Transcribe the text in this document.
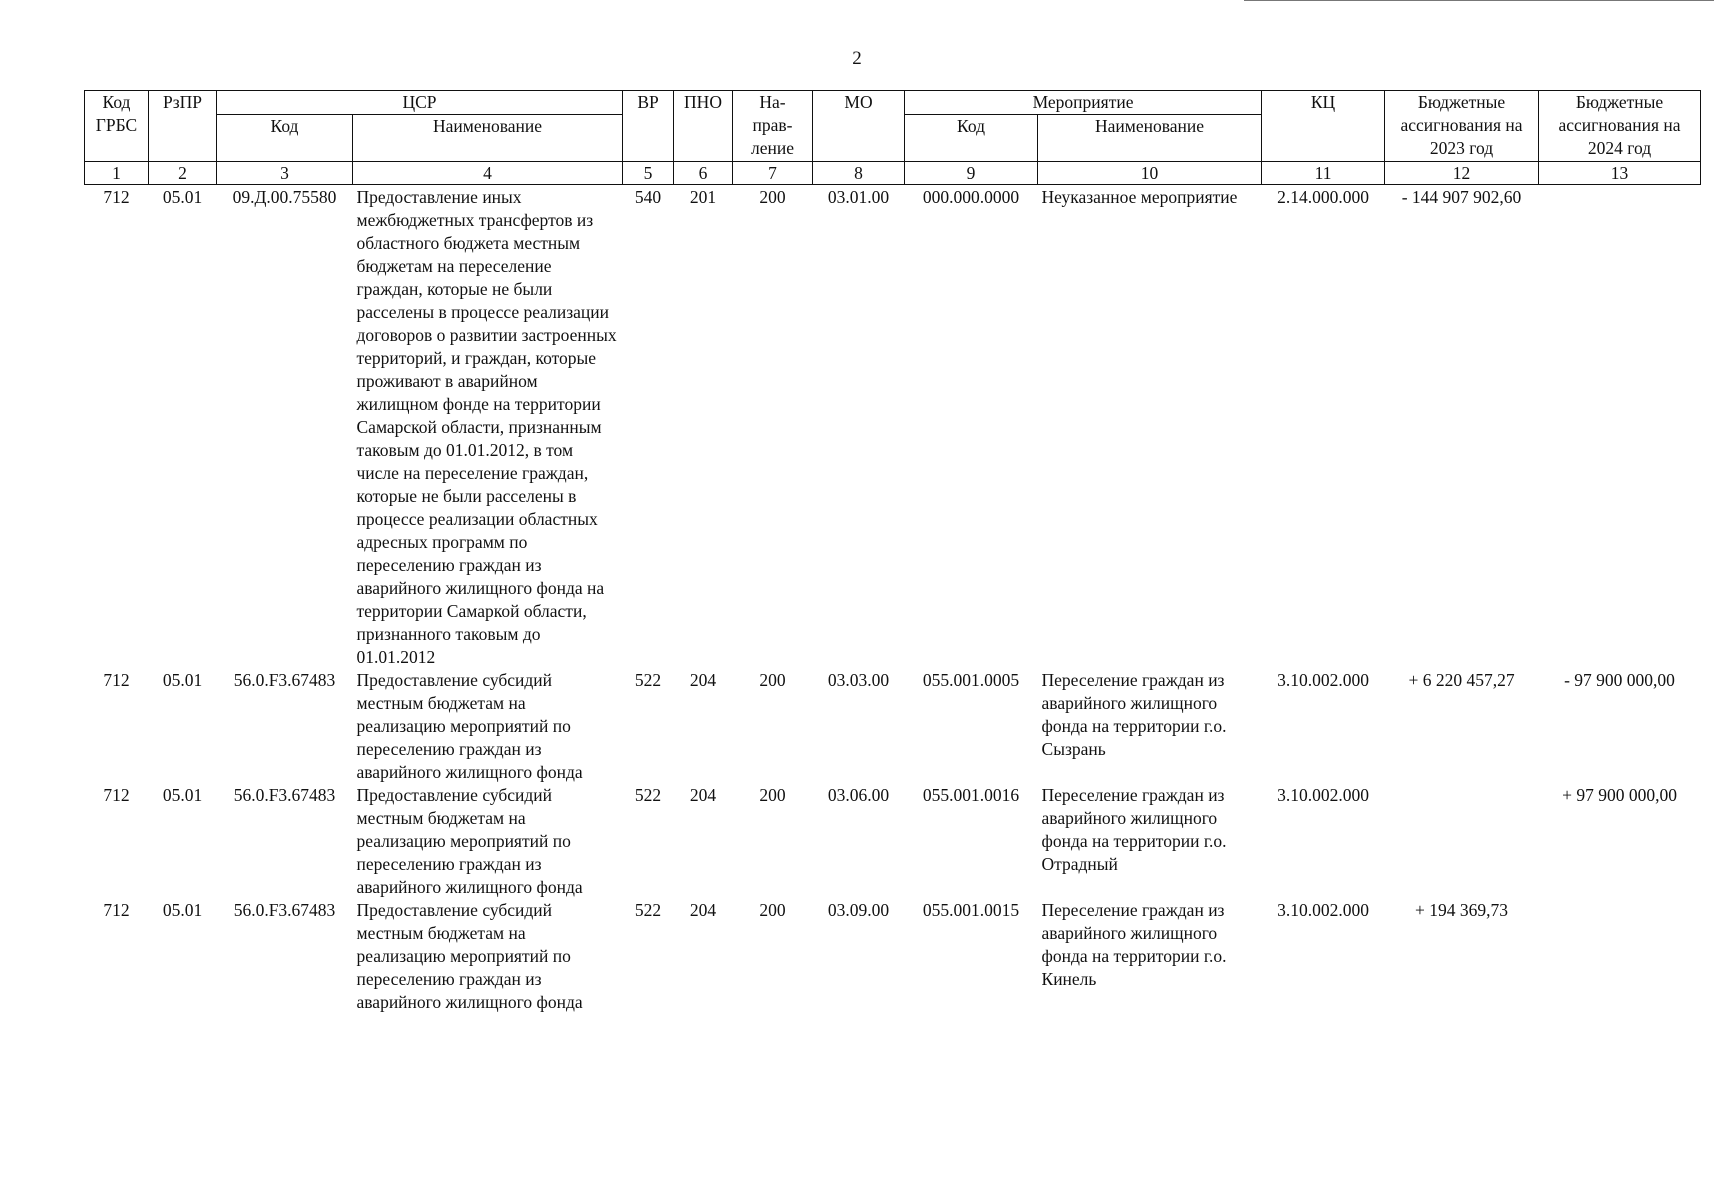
2
Код ГРБС	РзПР	ЦСР		ВР	ПНО	На-прав-ление	МО	Мероприятие		КЦ	Бюджетные ассигнования на 2023 год	Бюджетные ассигнования на 2024 год
		Код	Наименование					Код	Наименование			
1	2	3	4	5	6	7	8	9	10	11	12	13
712	05.01	09.Д.00.75580	Предоставление иных межбюджетных трансфертов из областного бюджета местным бюджетам на переселение граждан, которые не были расселены в процессе реализации договоров о развитии застроенных территорий, и граждан, которые проживают в аварийном жилищном фонде на территории Самарской области, признанным таковым до 01.01.2012, в том числе на переселение граждан, которые не были расселены в процессе реализации областных адресных программ по переселению граждан из аварийного жилищного фонда на территории Самаркой области, признанного таковым до 01.01.2012	540	201	200	03.01.00	000.000.0000	Неуказанное мероприятие	2.14.000.000	- 144 907 902,60	
712	05.01	56.0.F3.67483	Предоставление субсидий местным бюджетам на реализацию мероприятий по переселению граждан из аварийного жилищного фонда	522	204	200	03.03.00	055.001.0005	Переселение граждан из аварийного жилищного фонда на территории г.о. Сызрань	3.10.002.000	+ 6 220 457,27	- 97 900 000,00
712	05.01	56.0.F3.67483	Предоставление субсидий местным бюджетам на реализацию мероприятий по переселению граждан из аварийного жилищного фонда	522	204	200	03.06.00	055.001.0016	Переселение граждан из аварийного жилищного фонда на территории г.о. Отрадный	3.10.002.000		+ 97 900 000,00
712	05.01	56.0.F3.67483	Предоставление субсидий местным бюджетам на реализацию мероприятий по переселению граждан из аварийного жилищного фонда	522	204	200	03.09.00	055.001.0015	Переселение граждан из аварийного жилищного фонда на территории г.о. Кинель	3.10.002.000	+ 194 369,73	
